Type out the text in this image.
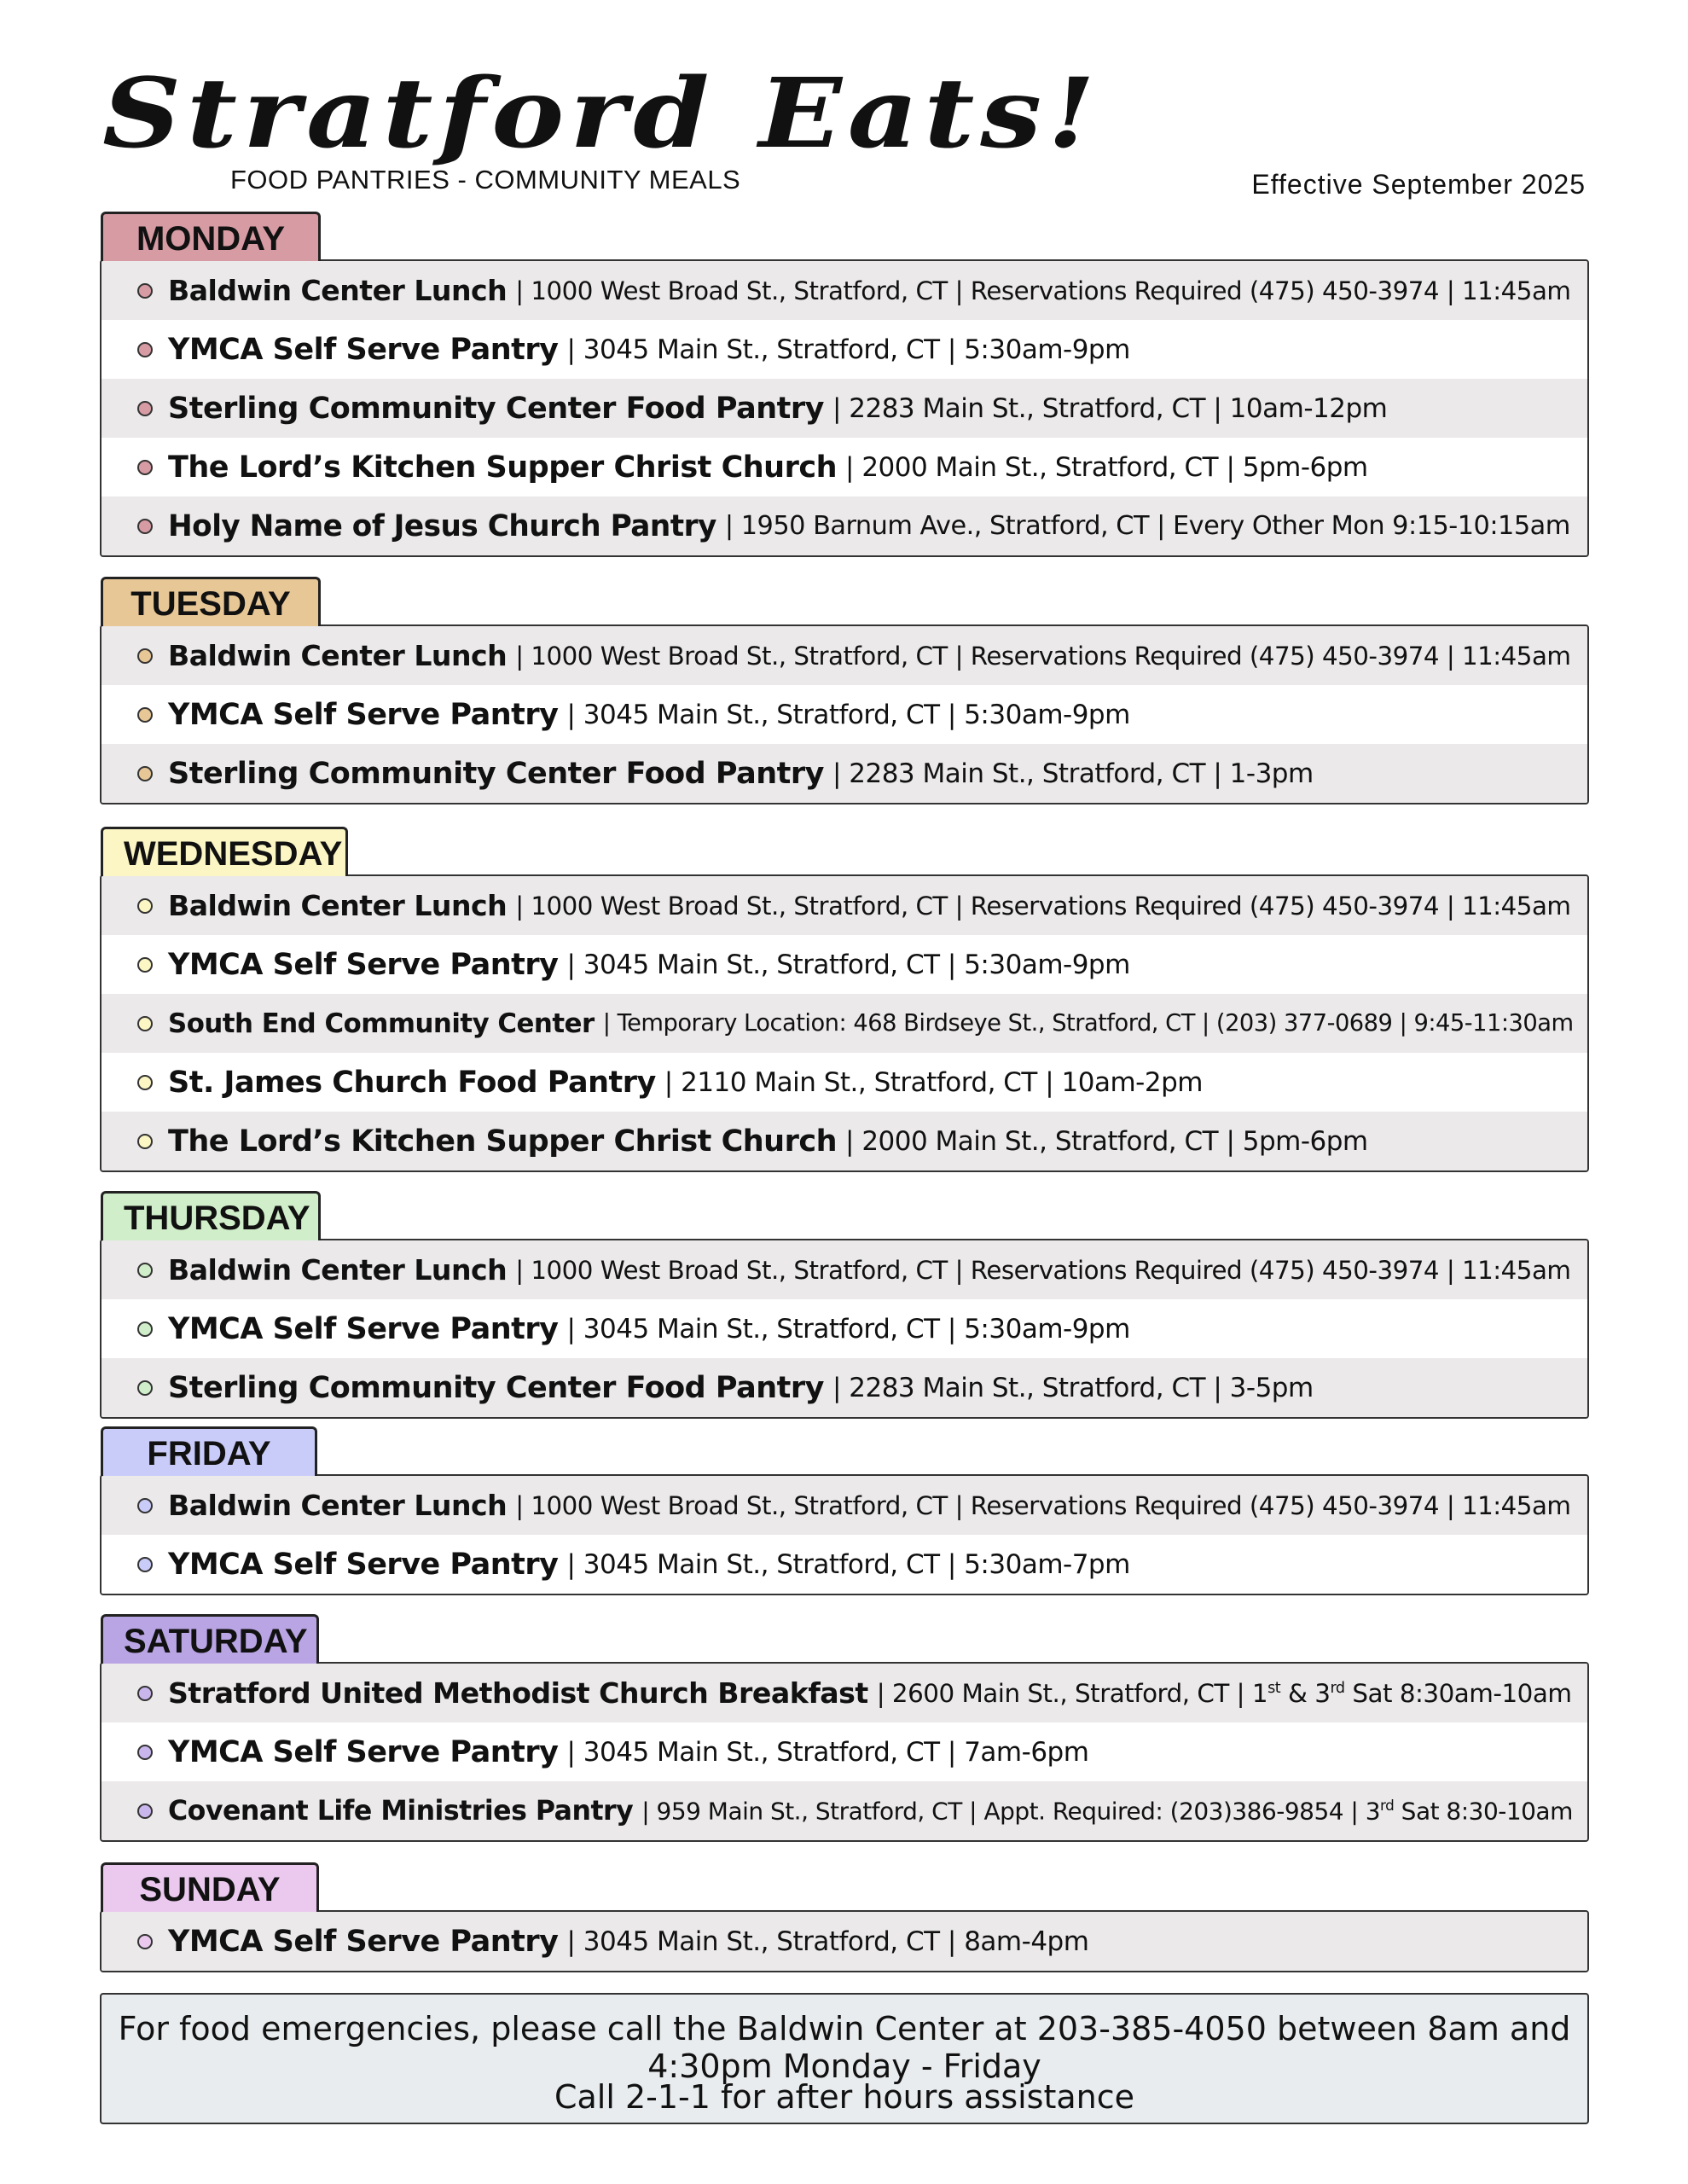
Stratford Eats!
FOOD PANTRIES - COMMUNITY MEALS	Effective September 2025
MONDAY
Baldwin Center Lunch | 1000 West Broad St., Stratford, CT | Reservations Required (475) 450-3974 | 11:45am
YMCA Self Serve Pantry | 3045 Main St., Stratford, CT | 5:30am-9pm
Sterling Community Center Food Pantry | 2283 Main St., Stratford, CT | 10am-12pm
The Lord’s Kitchen Supper Christ Church | 2000 Main St., Stratford, CT | 5pm-6pm
Holy Name of Jesus Church Pantry | 1950 Barnum Ave., Stratford, CT | Every Other Mon 9:15-10:15am
TUESDAY
Baldwin Center Lunch | 1000 West Broad St., Stratford, CT | Reservations Required (475) 450-3974 | 11:45am
YMCA Self Serve Pantry | 3045 Main St., Stratford, CT | 5:30am-9pm
Sterling Community Center Food Pantry | 2283 Main St., Stratford, CT | 1-3pm
WEDNESDAY
Baldwin Center Lunch | 1000 West Broad St., Stratford, CT | Reservations Required (475) 450-3974 | 11:45am
YMCA Self Serve Pantry | 3045 Main St., Stratford, CT | 5:30am-9pm
South End Community Center | Temporary Location: 468 Birdseye St., Stratford, CT | (203) 377-0689 | 9:45-11:30am
St. James Church Food Pantry | 2110 Main St., Stratford, CT | 10am-2pm
The Lord’s Kitchen Supper Christ Church | 2000 Main St., Stratford, CT | 5pm-6pm
THURSDAY
Baldwin Center Lunch | 1000 West Broad St., Stratford, CT | Reservations Required (475) 450-3974 | 11:45am
YMCA Self Serve Pantry | 3045 Main St., Stratford, CT | 5:30am-9pm
Sterling Community Center Food Pantry | 2283 Main St., Stratford, CT | 3-5pm
FRIDAY
Baldwin Center Lunch | 1000 West Broad St., Stratford, CT | Reservations Required (475) 450-3974 | 11:45am
YMCA Self Serve Pantry | 3045 Main St., Stratford, CT | 5:30am-7pm
SATURDAY
Stratford United Methodist Church Breakfast | 2600 Main St., Stratford, CT | 1st & 3rd Sat 8:30am-10am
YMCA Self Serve Pantry | 3045 Main St., Stratford, CT | 7am-6pm
Covenant Life Ministries Pantry | 959 Main St., Stratford, CT | Appt. Required: (203)386-9854 | 3rd Sat 8:30-10am
SUNDAY
YMCA Self Serve Pantry | 3045 Main St., Stratford, CT | 8am-4pm
For food emergencies, please call the Baldwin Center at 203-385-4050 between 8am and 4:30pm Monday - Friday
Call 2-1-1 for after hours assistance
